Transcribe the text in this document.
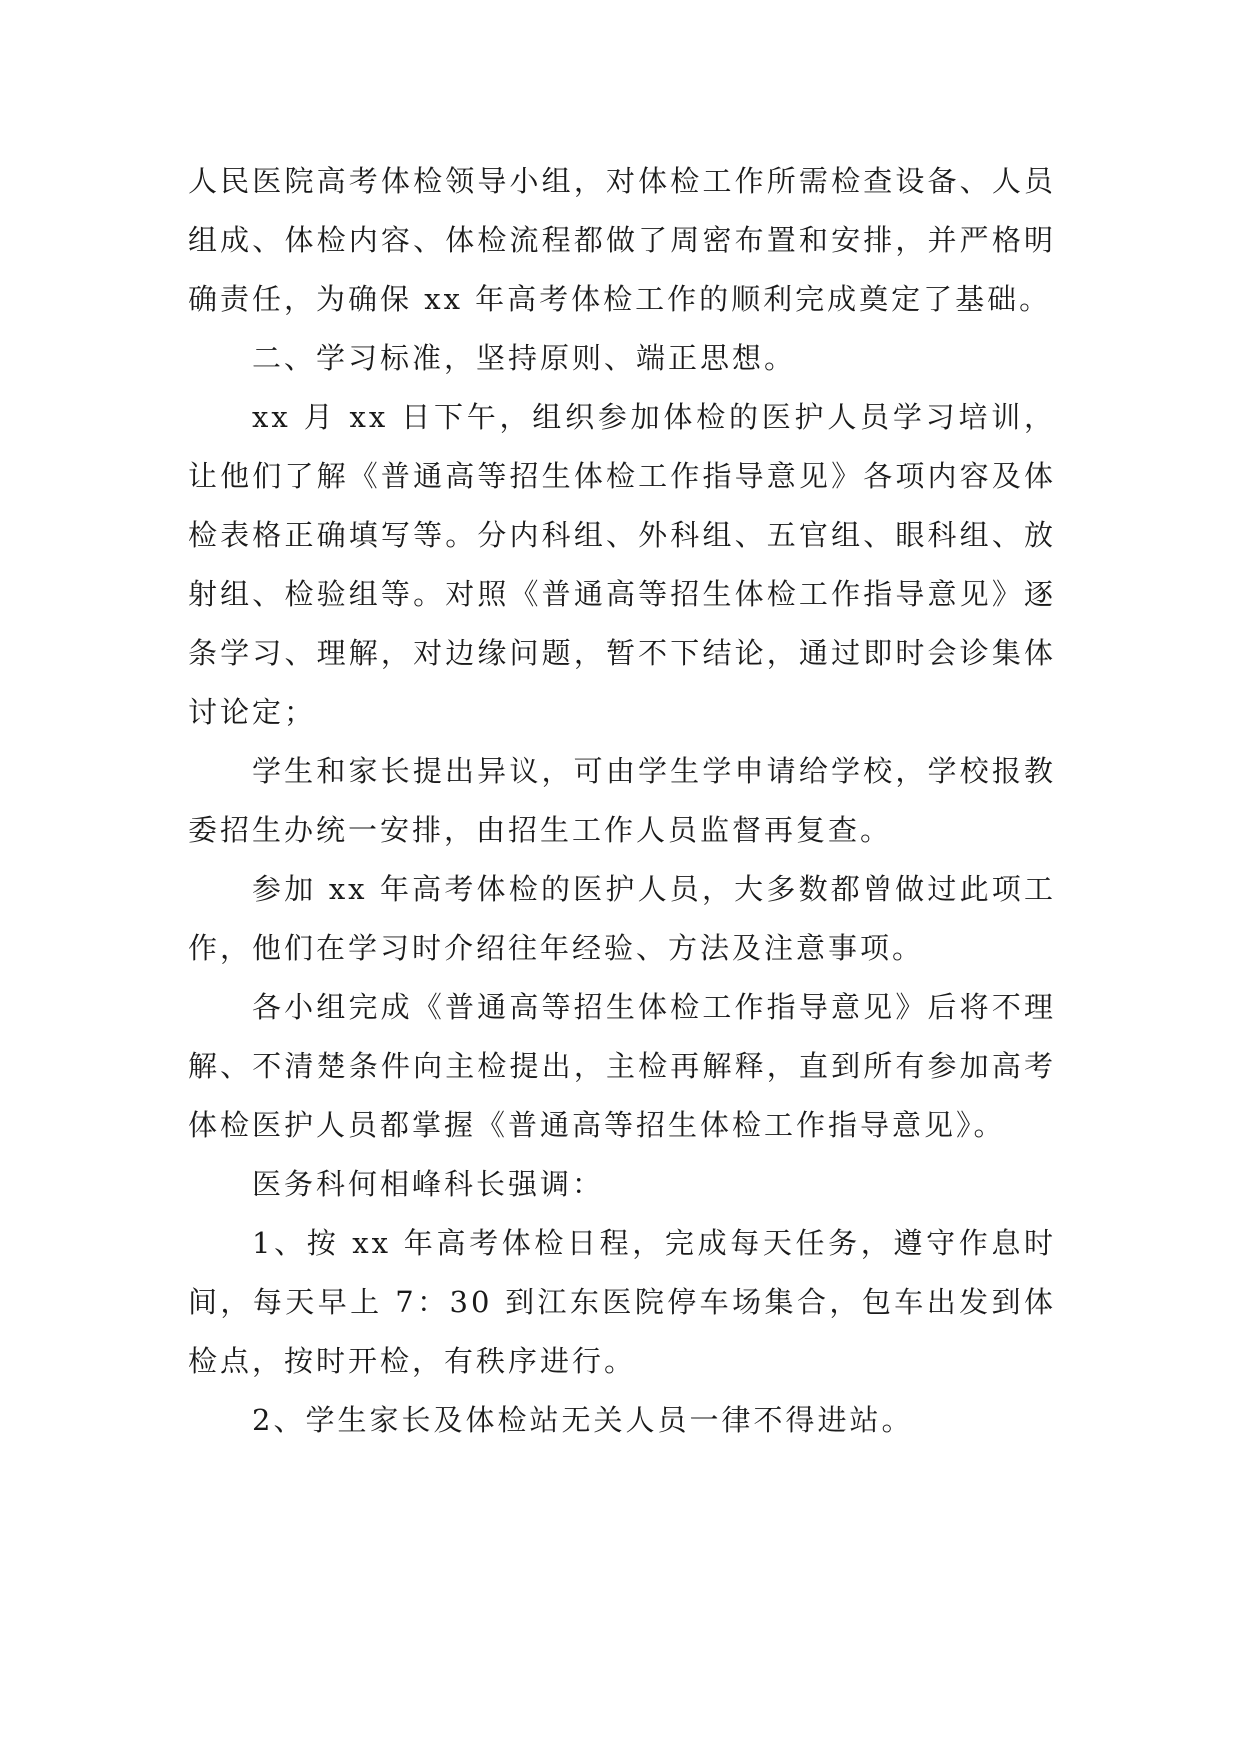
人民医院高考体检领导小组，对体检工作所需检查设备、人员组成、体检内容、体检流程都做了周密布置和安排，并严格明确责任，为确保 xx 年高考体检工作的顺利完成奠定了基础。

二、学习标准，坚持原则、端正思想。

xx 月 xx 日下午，组织参加体检的医护人员学习培训，让他们了解《普通高等招生体检工作指导意见》各项内容及体检表格正确填写等。分内科组、外科组、五官组、眼科组、放射组、检验组等。对照《普通高等招生体检工作指导意见》逐条学习、理解，对边缘问题，暂不下结论，通过即时会诊集体讨论定；

学生和家长提出异议，可由学生学申请给学校，学校报教委招生办统一安排，由招生工作人员监督再复查。

参加 xx 年高考体检的医护人员，大多数都曾做过此项工作，他们在学习时介绍往年经验、方法及注意事项。

各小组完成《普通高等招生体检工作指导意见》后将不理解、不清楚条件向主检提出，主检再解释，直到所有参加高考体检医护人员都掌握《普通高等招生体检工作指导意见》。

医务科何相峰科长强调：

1、按 xx 年高考体检日程，完成每天任务，遵守作息时间，每天早上 7：30 到江东医院停车场集合，包车出发到体检点，按时开检，有秩序进行。

2、学生家长及体检站无关人员一律不得进站。
